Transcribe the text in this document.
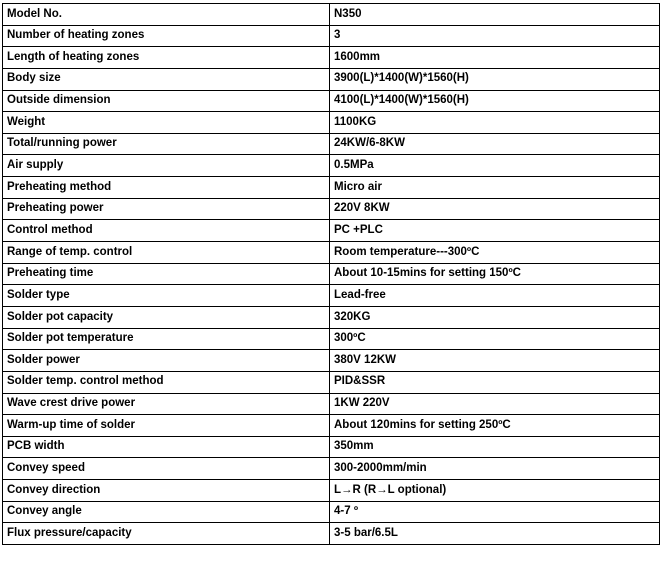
Model No.	N350
Number of heating zones	3
Length of heating zones	1600mm
Body size	3900(L)*1400(W)*1560(H)
Outside dimension	4100(L)*1400(W)*1560(H)
Weight	1100KG
Total/running power	24KW/6-8KW
Air supply	0.5MPa
Preheating method	Micro air
Preheating power	220V 8KW
Control method	PC +PLC
Range of temp. control	Room temperature---300ºC
Preheating time	About 10-15mins for setting 150ºC
Solder type	Lead-free
Solder pot capacity	320KG
Solder pot temperature	300ºC
Solder power	380V 12KW
Solder temp. control method	PID&SSR
Wave crest drive power	1KW 220V
Warm-up time of solder	About 120mins for setting 250ºC
PCB width	350mm
Convey speed	300-2000mm/min
Convey direction	L→R (R→L optional)
Convey angle	4-7 º
Flux pressure/capacity	3-5 bar/6.5L
